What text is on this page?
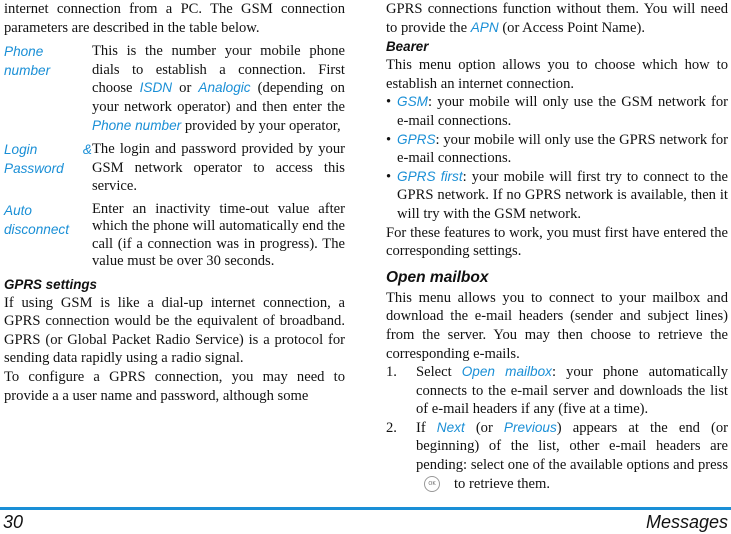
internet connection from a PC. The GSM connection parameters are described in the table below.

Phone number
This is the number your mobile phone dials to establish a connection. First choose ISDN or Analogic (depending on your network operator) and then enter the Phone number provided by your operator,
Login & Password
The login and password provided by your GSM network operator to access this service.
Auto disconnect
Enter an inactivity time-out value after which the phone will automatically end the call (if a connection was in progress). The value must be over 30 seconds.
GPRS settings

If using GSM is like a dial-up internet connection, a GPRS connection would be the equivalent of broadband. GPRS (or Global Packet Radio Service) is a protocol for sending data rapidly using a radio signal.

To configure a GPRS connection, you may need to provide a a user name and password, although some

GPRS connections function without them. You will need to provide the APN (or Access Point Name).

Bearer

This menu option allows you to choose which how to establish an internet connection.

• GSM: your mobile will only use the GSM network for e-mail connections.
• GPRS: your mobile will only use the GPRS network for e-mail connections.
• GPRS first: your mobile will first try to connect to the GPRS network. If no GPRS network is available, then it will try with the GSM network.

For these features to work, you must first have entered the corresponding settings.

Open mailbox

This menu allows you to connect to your mailbox and download the e-mail headers (sender and subject lines) from the server. You may then choose to retrieve the corresponding e-mails.

1. Select Open mailbox: your phone automatically connects to the e-mail server and downloads the list of e-mail headers if any (five at a time).
2. If Next (or Previous) appears at the end (or beginning) of the list, other e-mail headers are pending: select one of the available options and pressOK to retrieve them.
30	Messages
